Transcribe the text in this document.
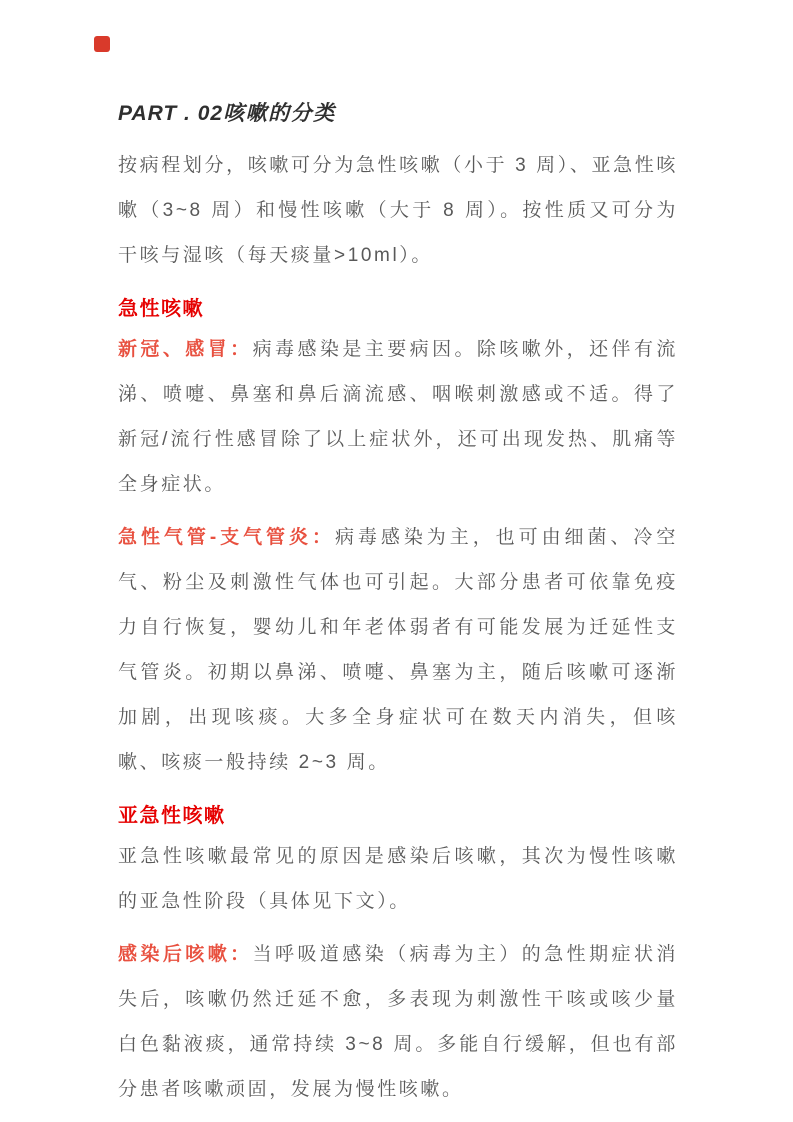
PART . 02咳嗽的分类

按病程划分，咳嗽可分为急性咳嗽（小于 3 周）、亚急性咳嗽（3~8 周）和慢性咳嗽（大于 8 周）。按性质又可分为干咳与湿咳（每天痰量>10ml）。

急性咳嗽

新冠、感冒：病毒感染是主要病因。除咳嗽外，还伴有流涕、喷嚏、鼻塞和鼻后滴流感、咽喉刺激感或不适。得了新冠/流行性感冒除了以上症状外，还可出现发热、肌痛等全身症状。

急性气管-支气管炎：病毒感染为主，也可由细菌、冷空气、粉尘及刺激性气体也可引起。大部分患者可依靠免疫力自行恢复，婴幼儿和年老体弱者有可能发展为迁延性支气管炎。初期以鼻涕、喷嚏、鼻塞为主，随后咳嗽可逐渐加剧，出现咳痰。大多全身症状可在数天内消失，但咳嗽、咳痰一般持续 2~3 周。

亚急性咳嗽

亚急性咳嗽最常见的原因是感染后咳嗽，其次为慢性咳嗽的亚急性阶段（具体见下文）。

感染后咳嗽：当呼吸道感染（病毒为主）的急性期症状消失后，咳嗽仍然迁延不愈，多表现为刺激性干咳或咳少量白色黏液痰，通常持续 3~8 周。多能自行缓解，但也有部分患者咳嗽顽固，发展为慢性咳嗽。
